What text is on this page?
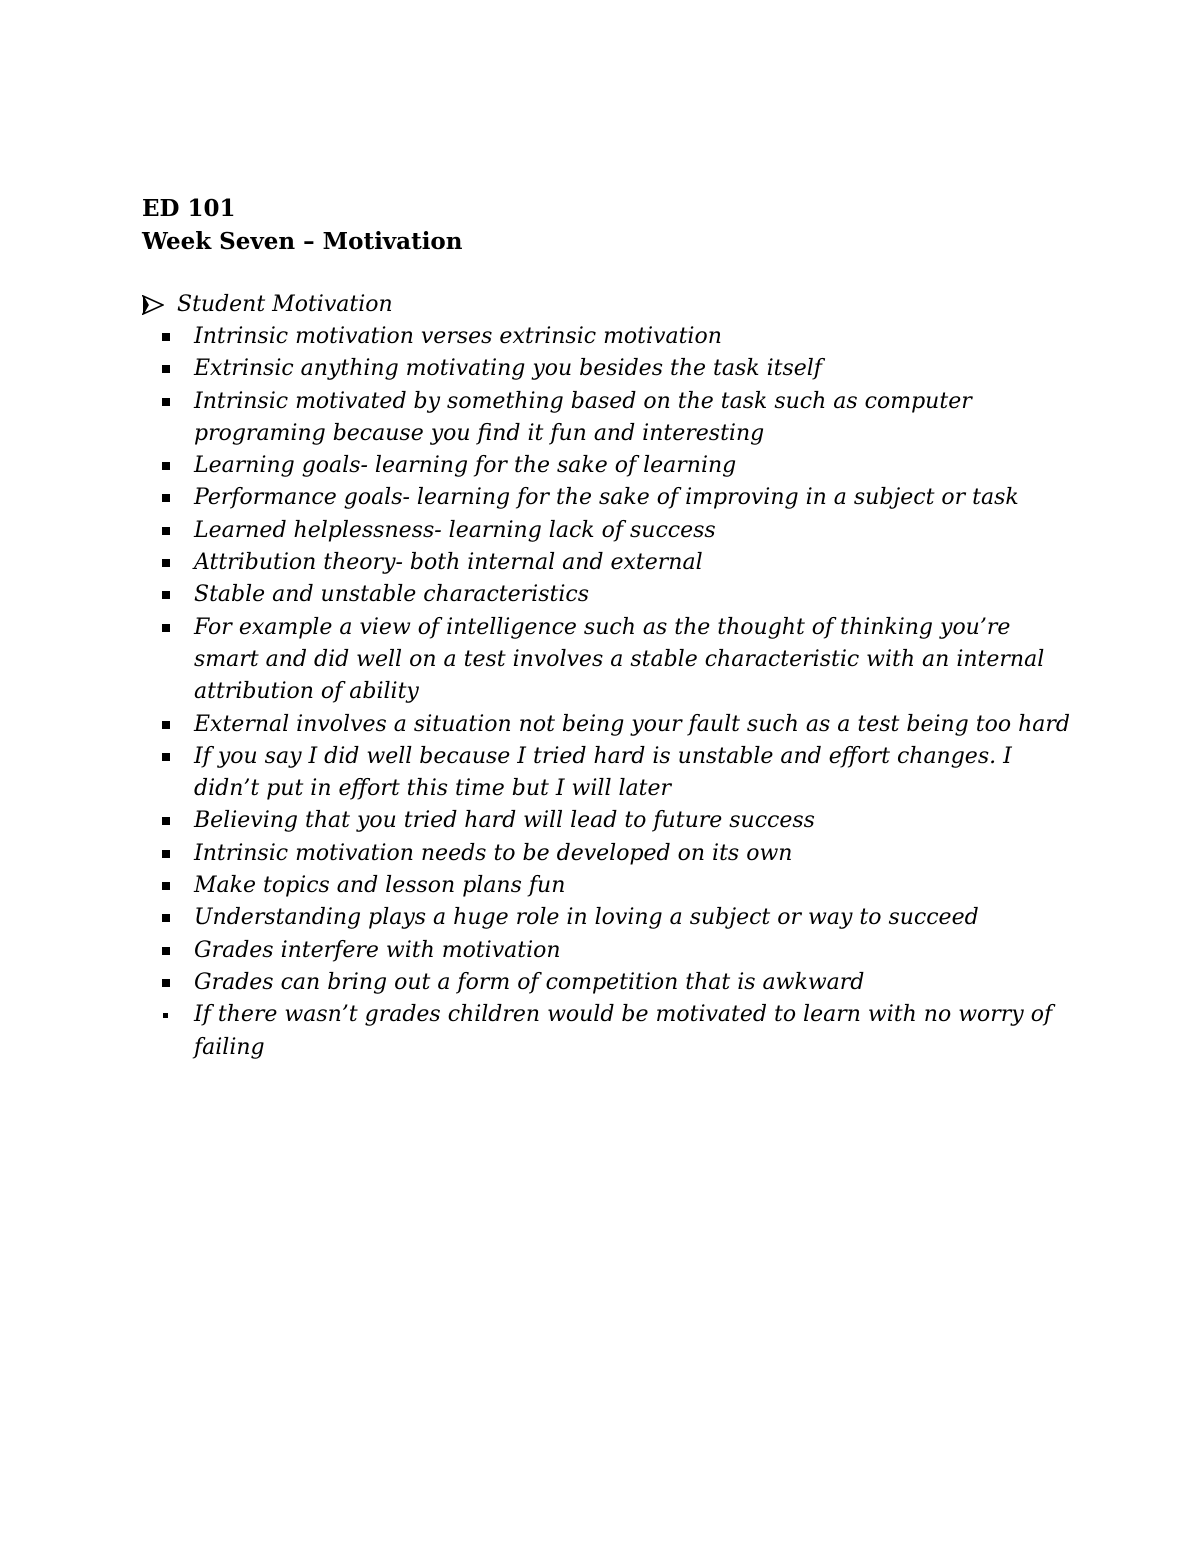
ED 101

Week Seven – Motivation

Student Motivation
Intrinsic motivation verses extrinsic motivation
Extrinsic anything motivating you besides the task itself
Intrinsic motivated by something based on the task such as computer programing because you find it fun and interesting
Learning goals- learning for the sake of learning
Performance goals- learning for the sake of improving in a subject or task
Learned helplessness- learning lack of success
Attribution theory- both internal and external
Stable and unstable characteristics
For example a view of intelligence such as the thought of thinking you’re smart and did well on a test involves a stable characteristic with an internal attribution of ability
External involves a situation not being your fault such as a test being too hard
If you say I did well because I tried hard is unstable and effort changes. I didn’t put in effort this time but I will later
Believing that you tried hard will lead to future success
Intrinsic motivation needs to be developed on its own
Make topics and lesson plans fun
Understanding plays a huge role in loving a subject or way to succeed
Grades interfere with motivation
Grades can bring out a form of competition that is awkward
If there wasn’t grades children would be motivated to learn with no worry of failing
